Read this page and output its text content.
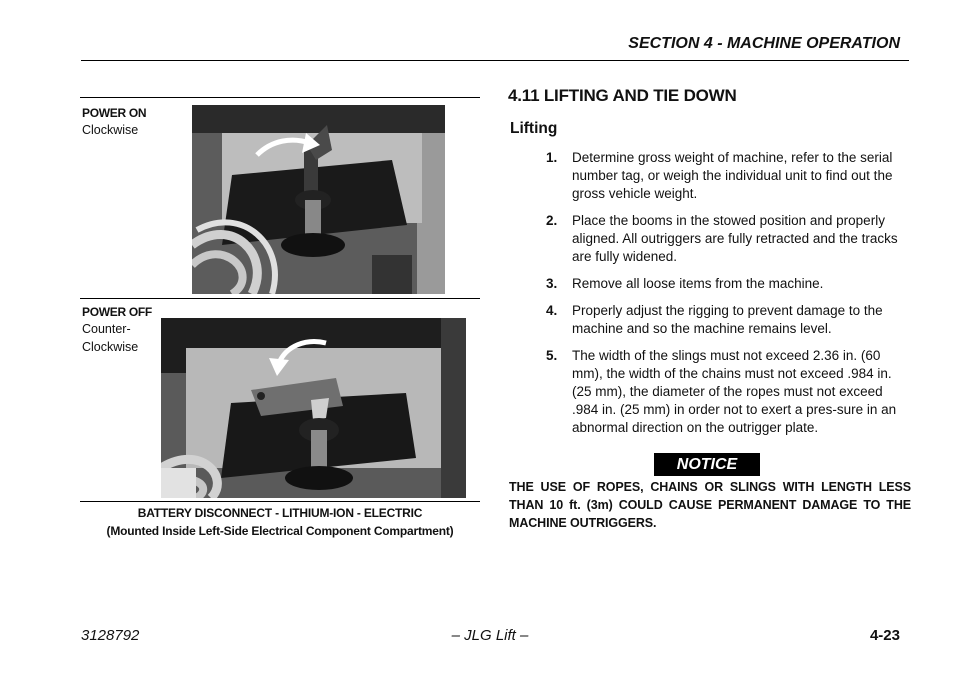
SECTION 4 - MACHINE OPERATION
POWER ON
Clockwise
POWER OFF
Counter-
Clockwise
BATTERY DISCONNECT - LITHIUM-ION - ELECTRIC
(Mounted Inside Left-Side Electrical Component Compartment)
4.11 LIFTING AND TIE DOWN
Lifting
1. Determine gross weight of machine, refer to the serial number tag, or weigh the individual unit to find out the gross vehicle weight.
2. Place the booms in the stowed position and properly aligned. All outriggers are fully retracted and the tracks are fully widened.
3. Remove all loose items from the machine.
4. Properly adjust the rigging to prevent damage to the machine and so the machine remains level.
5. The width of the slings must not exceed 2.36 in. (60 mm), the width of the chains must not exceed .984 in. (25 mm), the diameter of the ropes must not exceed .984 in. (25 mm) in order not to exert a pres-sure in an abnormal direction on the outrigger plate.
NOTICE
THE USE OF ROPES, CHAINS OR SLINGS WITH LENGTH LESS THAN 10 ft. (3m) COULD CAUSE PERMANENT DAMAGE TO THE MACHINE OUTRIGGERS.
3128792	– JLG Lift –	4-23
